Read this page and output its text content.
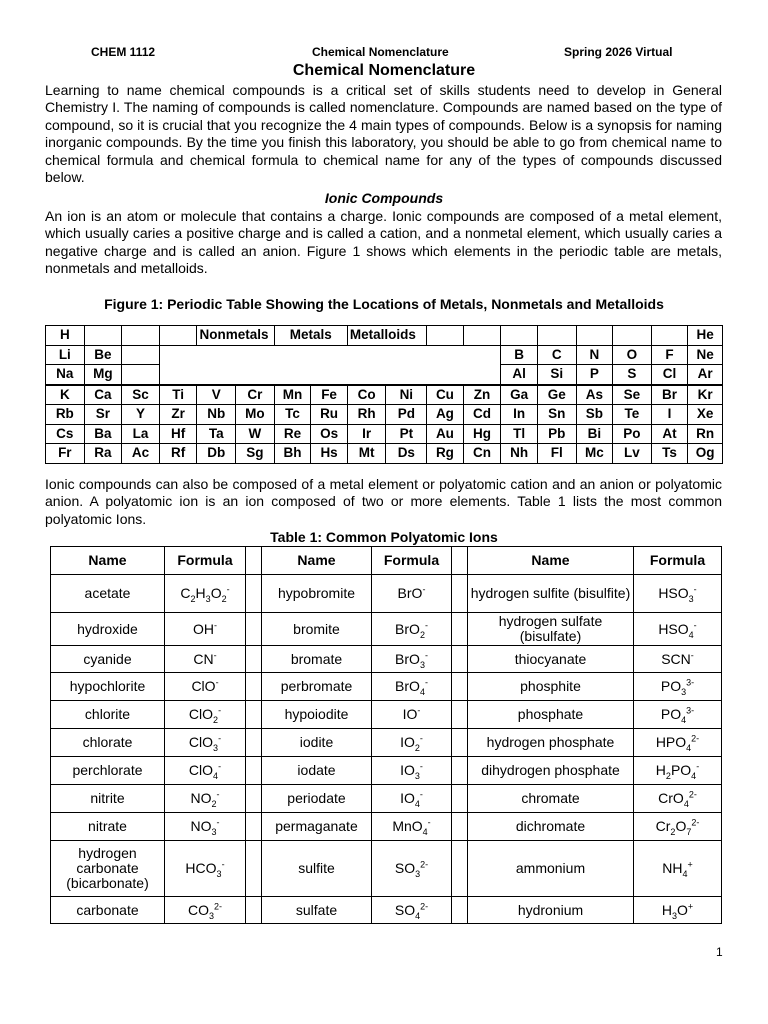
CHEM 1112	Chemical Nomenclature	Spring 2026 Virtual
Chemical Nomenclature
Learning to name chemical compounds is a critical set of skills students need to develop in General Chemistry I. The naming of compounds is called nomenclature. Compounds are named based on the type of compound, so it is crucial that you recognize the 4 main types of compounds. Below is a synopsis for naming inorganic compounds. By the time you finish this laboratory, you should be able to go from chemical name to chemical formula and chemical formula to chemical name for any of the types of compounds discussed below.
Ionic Compounds
An ion is an atom or molecule that contains a charge. Ionic compounds are composed of a metal element, which usually caries a positive charge and is called a cation, and a nonmetal element, which usually caries a negative charge and is called an anion. Figure 1 shows which elements in the periodic table are metals, nonmetals and metalloids.
Figure 1: Periodic Table Showing the Locations of Metals, Nonmetals and Metalloids
H				Nonmetals		Metals		Metalloids									He
Li	Be											B	C	N	O	F	Ne
Na	Mg											Al	Si	P	S	Cl	Ar
K	Ca	Sc	Ti	V	Cr	Mn	Fe	Co	Ni	Cu	Zn	Ga	Ge	As	Se	Br	Kr
Rb	Sr	Y	Zr	Nb	Mo	Tc	Ru	Rh	Pd	Ag	Cd	In	Sn	Sb	Te	I	Xe
Cs	Ba	La	Hf	Ta	W	Re	Os	Ir	Pt	Au	Hg	Tl	Pb	Bi	Po	At	Rn
Fr	Ra	Ac	Rf	Db	Sg	Bh	Hs	Mt	Ds	Rg	Cn	Nh	Fl	Mc	Lv	Ts	Og
Ionic compounds can also be composed of a metal element or polyatomic cation and an anion or polyatomic anion. A polyatomic ion is an ion composed of two or more elements. Table 1 lists the most common polyatomic Ions.
Table 1: Common Polyatomic Ions
Name	Formula		Name	Formula		Name	Formula
acetate	$C_2H_3O_2^-$		hypobromite	BrO-		hydrogen sulfite (bisulfite)	$HSO_3^-$
hydroxide	OH-		bromite	BrO$_2$-		hydrogen sulfate (bisulfate)	$HSO_4^-$
cyanide	CN-		bromate	BrO$_3$-		thiocyanate	SCN-
hypochlorite	ClO-		perbromate	BrO$_4$-		phosphite	$PO_3^{3-}$
chlorite	ClO$_2$-		hypoiodite	IO-		phosphate	$PO_4^{3-}$
chlorate	ClO$_3$-		iodite	$IO_2^-$		hydrogen phosphate	$HPO_4^{2-}$
perchlorate	ClO$_4$-		iodate	$IO_3^-$		dihydrogen phosphate	$H_2PO_4^-$
nitrite	$NO_2^-$		periodate	$IO_4^-$		chromate	CrO$_4^{2-}$
nitrate	$NO_3^-$		permaganate	MnO$_4$-		dichromate	$Cr_2O_7^{2-}$
hydrogen carbonate (bicarbonate)	$HCO_3^-$		sulfite	$SO_3^{2-}$		ammonium	$NH_4^+$
carbonate	$CO_3^{2-}$		sulfate	$SO_4^{2-}$		hydronium	$H_3O^+$
1
